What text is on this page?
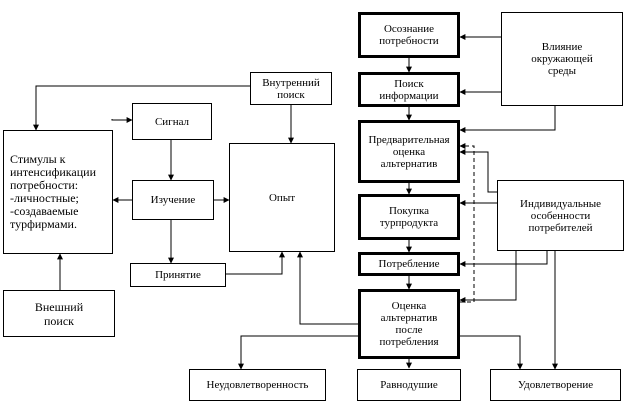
Осознание
потребности
Поиск
информации
Предварительная
оценка
альтернатив
Покупка
турпродукта
Потребление
Оценка
альтернатив
после
потребления
Влияние
окружающей
среды
Индивидуальные
особенности
потребителей
Внутренний
поиск
Стимулы к
интенсификации
потребности:
-личностные;
-создаваемые
турфирмами.
Сигнал
Изучение	Опыт
Принятие
Внешний
поиск
Неудовлетворенность	Равнодушие	Удовлетворение
